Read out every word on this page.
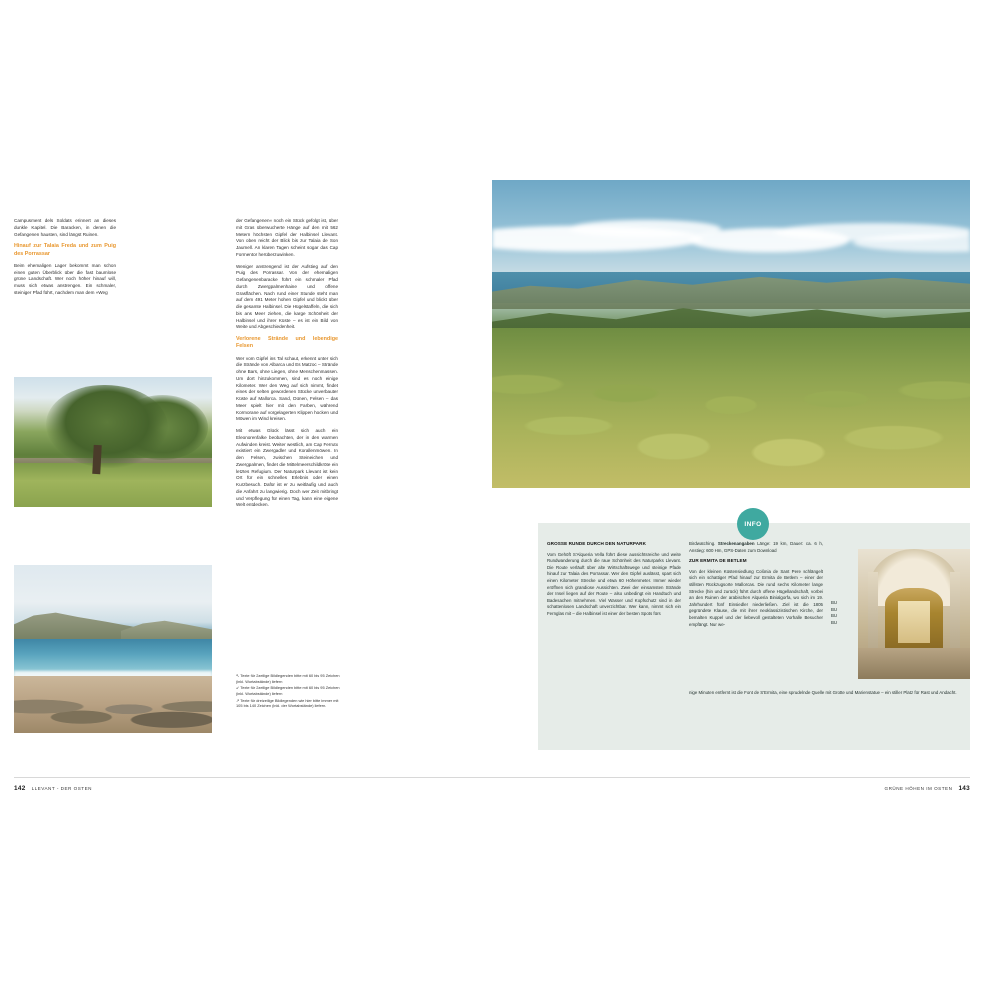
Campusment dels Soldats erinnert an dieses dunkle Kapitel. Die Baracken, in denen die Gefangenen hausten, sind längst Ruinen.

Hinauf zur Talaia Freda und zum Puig des Porrassar

Beim ehemaligen Lager bekommt man schon einen guten Überblick über die fast baumlose grüne Landschaft. Wer noch höher hinauf will, muss sich etwas anstrengen. Ein schmaler, steiniger Pfad führt, nachdem man dem »Weg

der Gefangenen« noch ein Stück gefolgt ist, über mit Gras überwucherte Hänge auf den mit 562 Metern höchsten Gipfel der Halbinsel Llevant. Von oben reicht der Blick bis zur Talaia de Son Jaumell. An klaren Tagen scheint sogar das Cap Formentor herüberzuwinken.

Weniger anstrengend ist der Aufstieg auf den Puig des Porrassar. Von der ehemaligen Gefangenenbaracke führt ein schmaler Pfad durch Zwergpalmenhaine und offene Grasflächen. Nach rund einer Stunde steht man auf dem 491 Meter hohen Gipfel und blickt über die gesamte Halbinsel. Die Hügelstaffeln, die sich bis ans Meer ziehen, die karge Schönheit der Halbinsel und ihrer Küste – es ist ein Bild von Weite und Abgeschiedenheit.

Verlorene Strände und lebendige Felsen

Wer vom Gipfel ins Tal schaut, erkennt unter sich die Strände von Albarca und Es Matzoc – Strände ohne Bars, ohne Liegen, ohne Menschenmassen. Um dort hinzukommen, sind es noch einige Kilometer. Wer den Weg auf sich nimmt, findet eines der selten gewordenen Stücke unverbauter Küste auf Mallorca. Sand, Dünen, Felsen – das Meer spielt hier mit den Farben, während Kormorane auf vorgelagerten Klippen hocken und Möwen im Wind kreisen.

Mit etwas Glück lässt sich auch ein Eleonorenfalke beobachten, der in den warmen Aufwinden kreist. Weiter westlich, am Cap Ferrutx existiert ein Zwergadler und Korallenmöwen. In den Felsen, zwischen Steineichen und Zwergpalmen, findet die Mittelmeerschildkröte ein letztes Refugium. Der Naturpark Llevant ist kein Ort für ein schnelles Erlebnis oder einen Kurzbesuch. Dafür ist er zu weitläufig und auch die Anfahrt zu langwierig. Doch wer Zeit mitbringt und Verpflegung für einen Tag, kann eine eigene Welt entdecken.

↖ Texte für 2zeilige Bildlegenden bitte mit 60 bis 95 Zeichen (inkl. Wortabstände) liefern
↙ Texte für 2zeilige Bildlegenden bitte mit 60 bis 95 Zeichen (inkl. Wortabstände) liefern
↗ Texte für dreizeilige Bildlegenden wie hier bitte immer mit 105 bis 140 Zeichen (inkl. der Wortabstände) liefern.
INFO

GROSSE RUNDE DURCH DEN NATURPARK

Vom Gehöft S'Alqueria Vella führt diese aussichtsreiche und weite Rundwanderung durch die raue Schönheit des Naturparks Llevant. Die Route verläuft über alte Wirtschaftswege und steinige Pfade hinauf zur Talaia des Porrassar. Wer den Gipfel auslässt, spart sich einen Kilometer Strecke und etwa 60 Höhenmeter. Immer wieder eröffnen sich grandiose Aussichten. Zwei der einsamsten Strände der Insel liegen auf der Route – also unbedingt ein Handtuch und Badesachen mitnehmen. Viel Wasser und Kopfschutz sind in der schattenlosen Landschaft unverzichtbar. Wer kann, nimmt sich ein Fernglas mit – die Halbinsel ist einer der besten Spots fürs

Birdwatching. Streckenangaben Länge: 19 km, Dauer: ca. 6 h, Anstieg: 600 Hm, GPS-Daten zum Download

ZUR ERMITA DE BETLEM

Von der kleinen Küstensiedlung Colònia de Sant Pere schlängelt sich ein schattiger Pfad hinauf zur Ermita de Betlem – einer der stillsten Rückzugsorte Mallorcas. Die rund sechs Kilometer lange Strecke (hin und zurück) führt durch offene Hügellandschaft, vorbei an den Ruinen der arabischen Alqueria Binialgorfa, wo sich im 19. Jahrhundert fünf Einsiedler niederließen. Ziel ist die 1805 gegründete Klause, die mit ihrer neoklassizistischen Kirche, der bemalten Kuppel und der liebevoll gestalteten Vorhalle Besucher empfängt. Nur we-

BU
BU
BU
BU

nige Minuten entfernt ist die Font de S'Ermita, eine sprudelnde Quelle mit Grotte und Marienstatue – ein stiller Platz für Rast und Andacht.

142 LLEVANT - DER OSTEN	GRÜNE HÖHEN IM OSTEN 143
